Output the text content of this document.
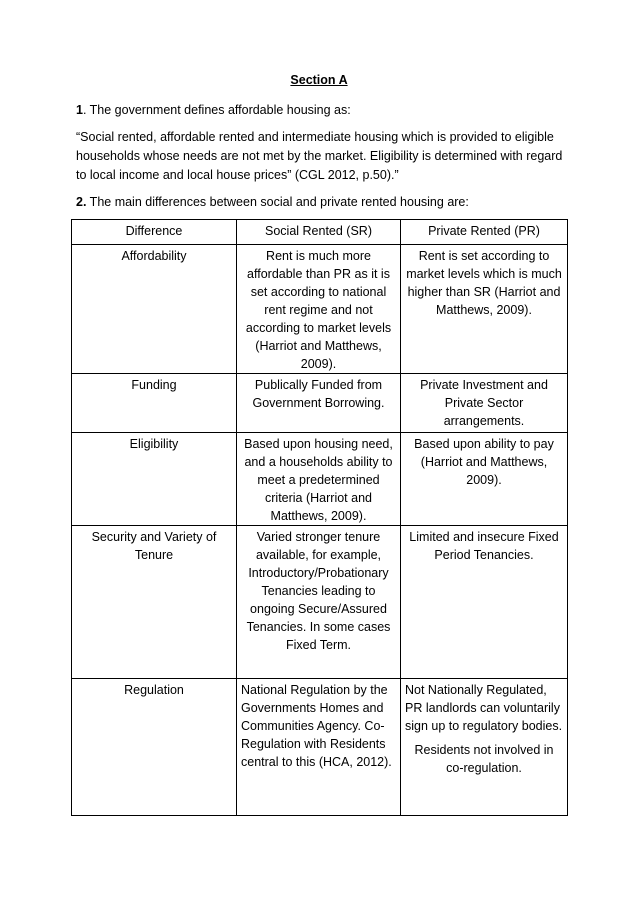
Section A
1. The government defines affordable housing as:
“Social rented, affordable rented and intermediate housing which is provided to eligible households whose needs are not met by the market. Eligibility is determined with regard to local income and local house prices” (CGL 2012, p.50).”
2. The main differences between social and private rented housing are:
Difference	Social Rented (SR)	Private Rented (PR)
Affordability	Rent is much more affordable than PR as it is set according to national rent regime and not according to market levels (Harriot and Matthews, 2009).	Rent is set according to market levels which is much higher than SR (Harriot and Matthews, 2009).
Funding	Publically Funded from Government Borrowing.	Private Investment and Private Sector arrangements.
Eligibility	Based upon housing need, and a households ability to meet a predetermined criteria (Harriot and Matthews, 2009).	Based upon ability to pay (Harriot and Matthews, 2009).
Security and Variety of Tenure	Varied stronger tenure available, for example, Introductory/Probationary Tenancies leading to ongoing Secure/Assured Tenancies. In some cases Fixed Term.	Limited and insecure Fixed Period Tenancies.
Regulation	National Regulation by the Governments Homes and Communities Agency. Co-Regulation with Residents central to this (HCA, 2012).	Not Nationally Regulated, PR landlords can voluntarily sign up to regulatory bodies.
Residents not involved in co-regulation.
